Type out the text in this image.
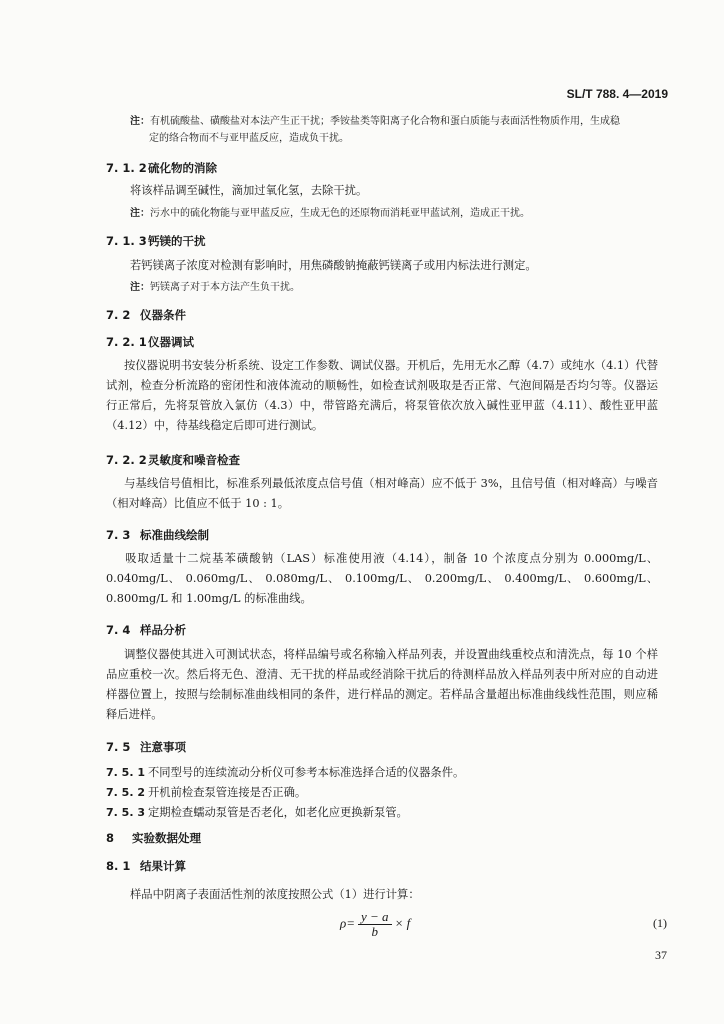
SL/T 788. 4—2019
注：有机硫酸盐、磺酸盐对本法产生正干扰；季铵盐类等阳离子化合物和蛋白质能与表面活性物质作用，生成稳
定的络合物而不与亚甲蓝反应，造成负干扰。
7. 1. 2硫化物的消除
将该样品调至碱性，滴加过氧化氢，去除干扰。
注：污水中的硫化物能与亚甲蓝反应，生成无色的还原物而消耗亚甲蓝试剂，造成正干扰。
7. 1. 3钙镁的干扰
若钙镁离子浓度对检测有影响时，用焦磷酸钠掩蔽钙镁离子或用内标法进行测定。
注：钙镁离子对于本方法产生负干扰。
7. 2 仪器条件
7. 2. 1仪器调试
按仪器说明书安装分析系统、设定工作参数、调试仪器。开机后，先用无水乙醇（4.7）或纯水（4.1）代替试剂，检查分析流路的密闭性和液体流动的顺畅性，如检查试剂吸取是否正常、气泡间隔是否均匀等。仪器运行正常后，先将泵管放入氯仿（4.3）中，带管路充满后，将泵管依次放入碱性亚甲蓝（4.11）、酸性亚甲蓝（4.12）中，待基线稳定后即可进行测试。
7. 2. 2灵敏度和噪音检查
与基线信号值相比，标准系列最低浓度点信号值（相对峰高）应不低于 3%，且信号值（相对峰高）与噪音（相对峰高）比值应不低于 10 : 1。
7. 3 标准曲线绘制
吸取适量十二烷基苯磺酸钠（LAS）标准使用液（4.14），制备 10 个浓度点分别为 0.000mg/L、0.040mg/L、 0.060mg/L、 0.080mg/L、 0.100mg/L、 0.200mg/L、 0.400mg/L、 0.600mg/L、0.800mg/L 和 1.00mg/L 的标准曲线。
7. 4 样品分析
调整仪器使其进入可测试状态，将样品编号或名称输入样品列表，并设置曲线重校点和清洗点，每 10 个样品应重校一次。然后将无色、澄清、无干扰的样品或经消除干扰后的待测样品放入样品列表中所对应的自动进样器位置上，按照与绘制标准曲线相同的条件，进行样品的测定。若样品含量超出标准曲线线性范围，则应稀释后进样。
7. 5 注意事项
7. 5. 1 不同型号的连续流动分析仪可参考本标准选择合适的仪器条件。
7. 5. 2 开机前检查泵管连接是否正确。
7. 5. 3 定期检查蠕动泵管是否老化，如老化应更换新泵管。
8 实验数据处理
8. 1 结果计算
样品中阴离子表面活性剂的浓度按照公式（1）进行计算：
$\rho= \frac{y - a}{b} \times f$	(1)
37
